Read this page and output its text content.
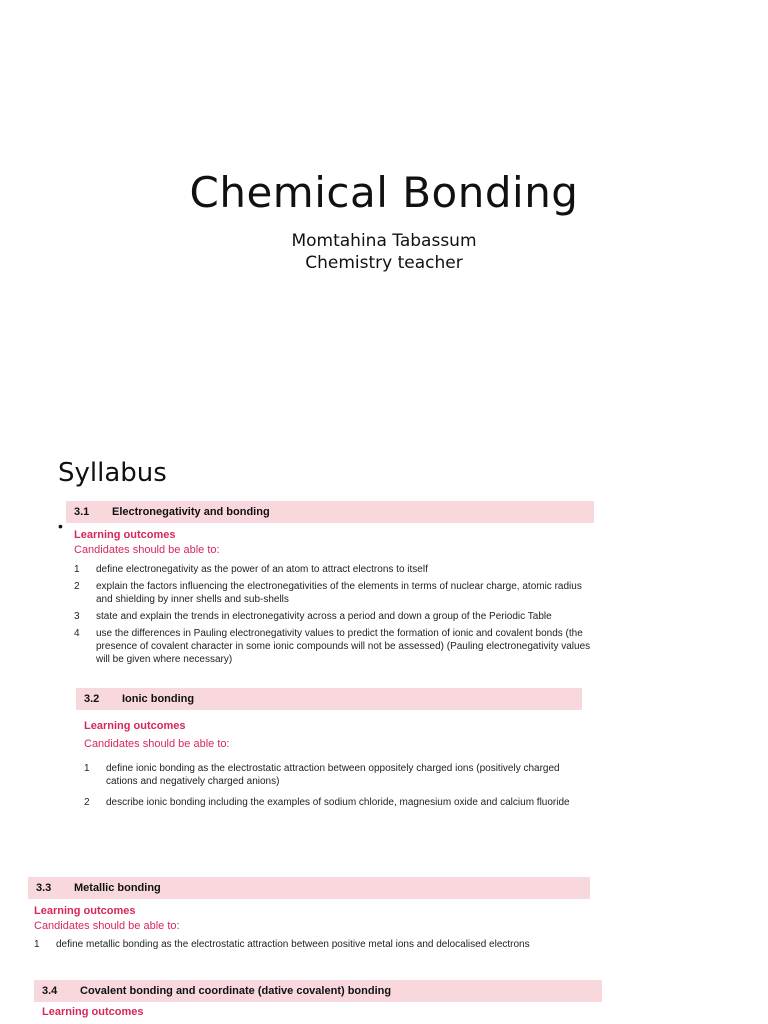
Chemical Bonding
Momtahina Tabassum
Chemistry teacher
Syllabus
•
3.1	Electronegativity and bonding
Learning outcomes
Candidates should be able to:
1	define electronegativity as the power of an atom to attract electrons to itself
2	explain the factors influencing the electronegativities of the elements in terms of nuclear charge, atomic radius and shielding by inner shells and sub-shells
3	state and explain the trends in electronegativity across a period and down a group of the Periodic Table
4	use the differences in Pauling electronegativity values to predict the formation of ionic and covalent bonds (the presence of covalent character in some ionic compounds will not be assessed) (Pauling electronegativity values will be given where necessary)
3.2	Ionic bonding
Learning outcomes
Candidates should be able to:
1	define ionic bonding as the electrostatic attraction between oppositely charged ions (positively charged cations and negatively charged anions)
2	describe ionic bonding including the examples of sodium chloride, magnesium oxide and calcium fluoride
3.3	Metallic bonding
Learning outcomes
Candidates should be able to:
1	define metallic bonding as the electrostatic attraction between positive metal ions and delocalised electrons
3.4	Covalent bonding and coordinate (dative covalent) bonding
Learning outcomes
